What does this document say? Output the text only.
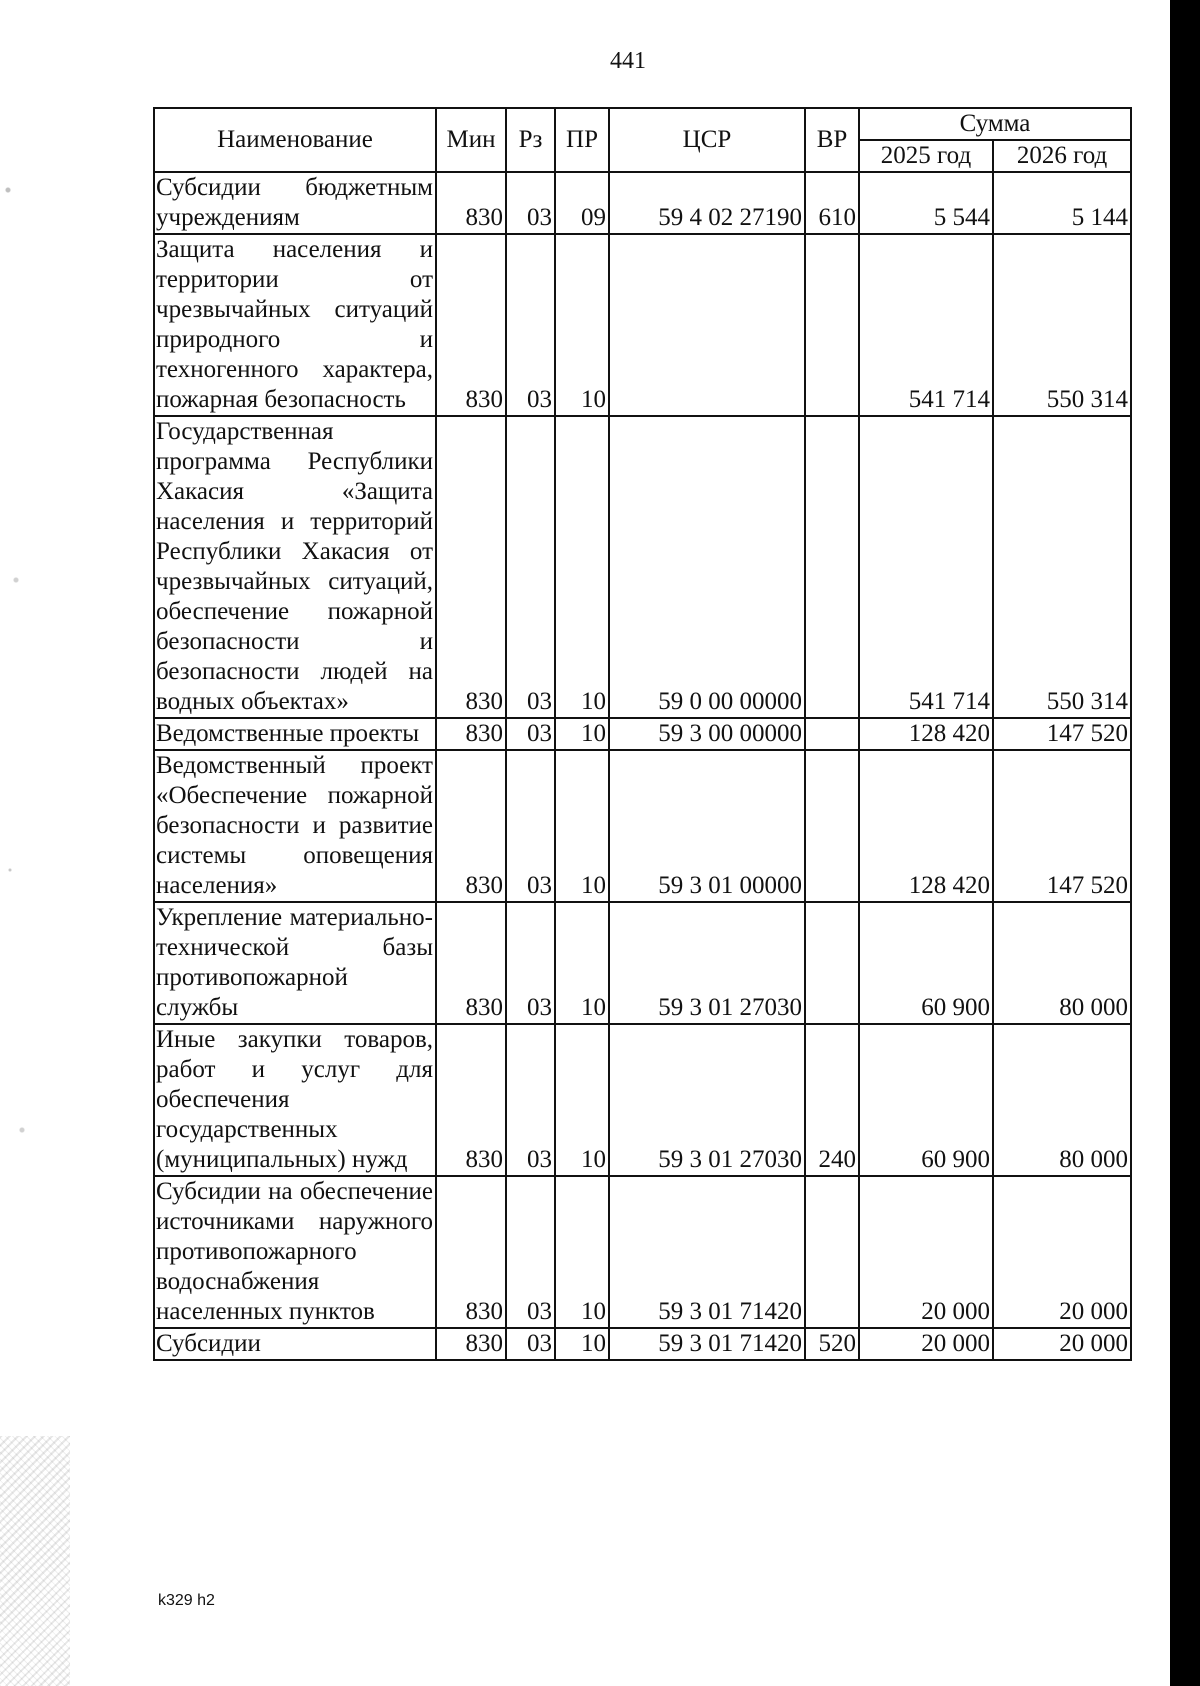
441
Наименование	Мин	Рз	ПР	ЦСР	ВР	Сумма	
						2025 год	2026 год
Субсидии бюджетным учреждениям	830	03	09	59 4 02 27190	610	5 544	5 144
Защита населения и территории от чрезвычайных ситуаций природного и техногенного характера, пожарная безопасность	830	03	10			541 714	550 314
Государственная программа Республики Хакасия «Защита населения и территорий Республики Хакасия от чрезвычайных ситуаций, обеспечение пожарной безопасности и безопасности людей на водных объектах»	830	03	10	59 0 00 00000		541 714	550 314
Ведомственные проекты	830	03	10	59 3 00 00000		128 420	147 520
Ведомственный проект «Обеспечение пожарной безопасности и развитие системы оповещения населения»	830	03	10	59 3 01 00000		128 420	147 520
Укрепление материально-технической базы противопожарной службы	830	03	10	59 3 01 27030		60 900	80 000
Иные закупки товаров, работ и услуг для обеспечения государственных (муниципальных) нужд	830	03	10	59 3 01 27030	240	60 900	80 000
Субсидии на обеспечение источниками наружного противопожарного водоснабжения населенных пунктов	830	03	10	59 3 01 71420		20 000	20 000
Субсидии	830	03	10	59 3 01 71420	520	20 000	20 000
k329 h2
